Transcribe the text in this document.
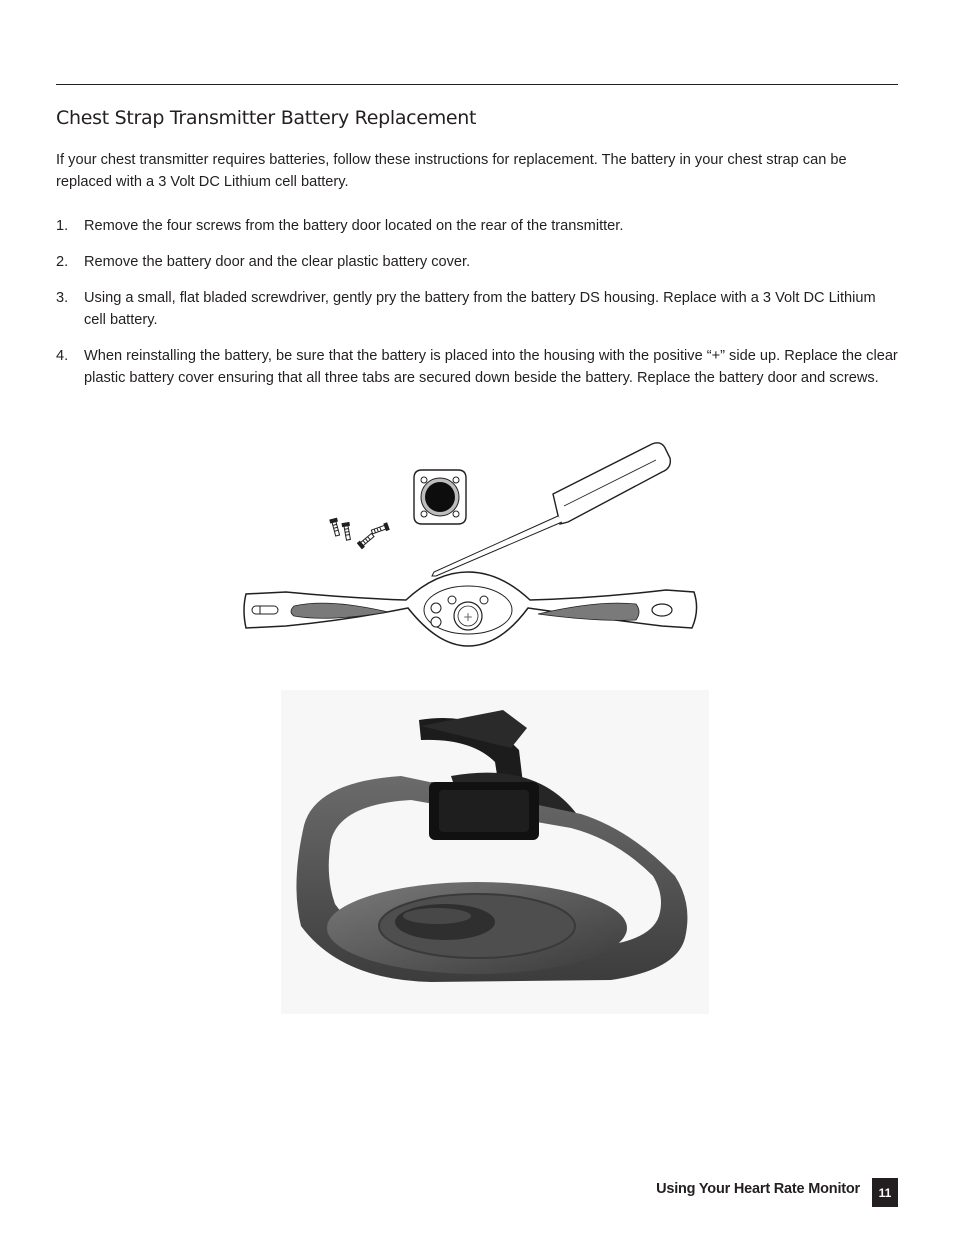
Chest Strap Transmitter Battery Replacement

If your chest transmitter requires batteries, follow these instructions for replacement. The battery in your chest strap can be replaced with a 3 Volt DC Lithium cell battery.

1. Remove the four screws from the battery door located on the rear of the transmitter.
2. Remove the battery door and the clear plastic battery cover.
3. Using a small, flat bladed screwdriver, gently pry the battery from the battery DS housing. Replace with a 3 Volt DC Lithium cell battery.
4. When reinstalling the battery, be sure that the battery is placed into the housing with the positive “+” side up. Replace the clear plastic battery cover ensuring that all three tabs are secured down beside the battery. Replace the battery door and screws.
+
Using Your Heart Rate Monitor	11
